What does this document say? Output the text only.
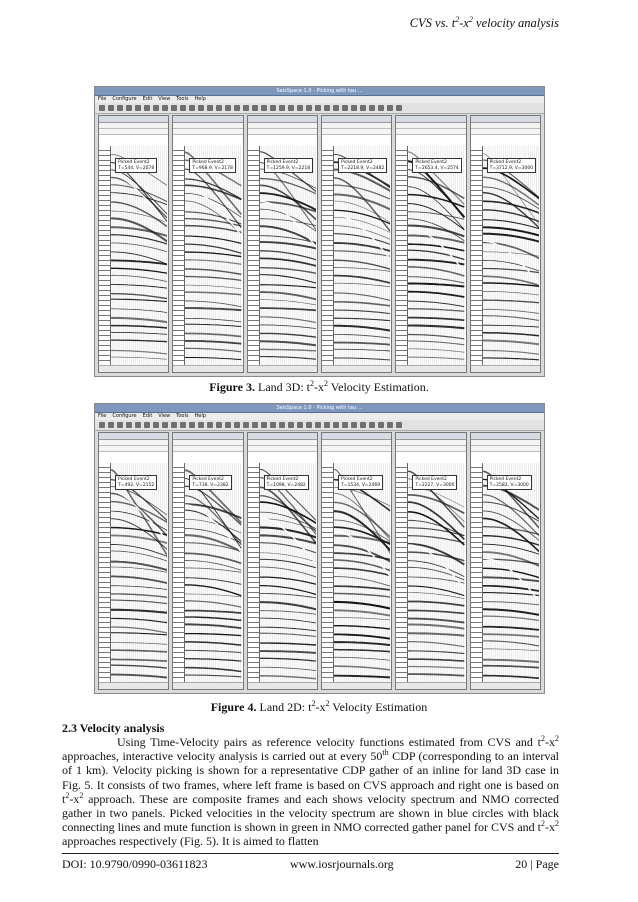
CVS vs. $t^2-x^2$ velocity analysis
SeisSpace 1.0 - Picking with tau ...
File Configure Edit View Tools Help
Picked Event2
T=544, V=2078
Picked Event2
T=968.9, V=2178
Picked Event2
T=1259.9, V=2218
Picked Event2
T=2218.9, V=2482
Picked Event2
T=2653.4, V=2574
Picked Event2
T=3712.9, V=3000
Figure 3. Land 3D: $t^2-x^2$ Velocity Estimation.
SeisSpace 1.0 - Picking with tau ...
File Configure Edit View Tools Help
Picked Event2
T=492, V=2152
Picked Event2
T=738, V=2382
Picked Event2
T=1098, V=2482
Picked Event2
T=1534, V=2469
Picked Event2
T=2227, V=3000
Picked Event2
T=2582, V=3000
Figure 4. Land 2D: $t^2-x^2$ Velocity Estimation
2.3 Velocity analysis

Using Time-Velocity pairs as reference velocity functions estimated from CVS and $t^2-x^2$ approaches, interactive velocity analysis is carried out at every 50th CDP (corresponding to an interval of 1 km). Velocity picking is shown for a representative CDP gather of an inline for land 3D case in Fig. 5. It consists of two frames, where left frame is based on CVS approach and right one is based on $t^2-x^2$ approach. These are composite frames and each shows velocity spectrum and NMO corrected gather in two panels. Picked velocities in the velocity spectrum are shown in blue circles with black connecting lines and mute function is shown in green in NMO corrected gather panel for CVS and $t^2-x^2$ approaches respectively (Fig. 5). It is aimed to flatten

DOI: 10.9790/0990-03611823	www.iosrjournals.org	20 | Page
